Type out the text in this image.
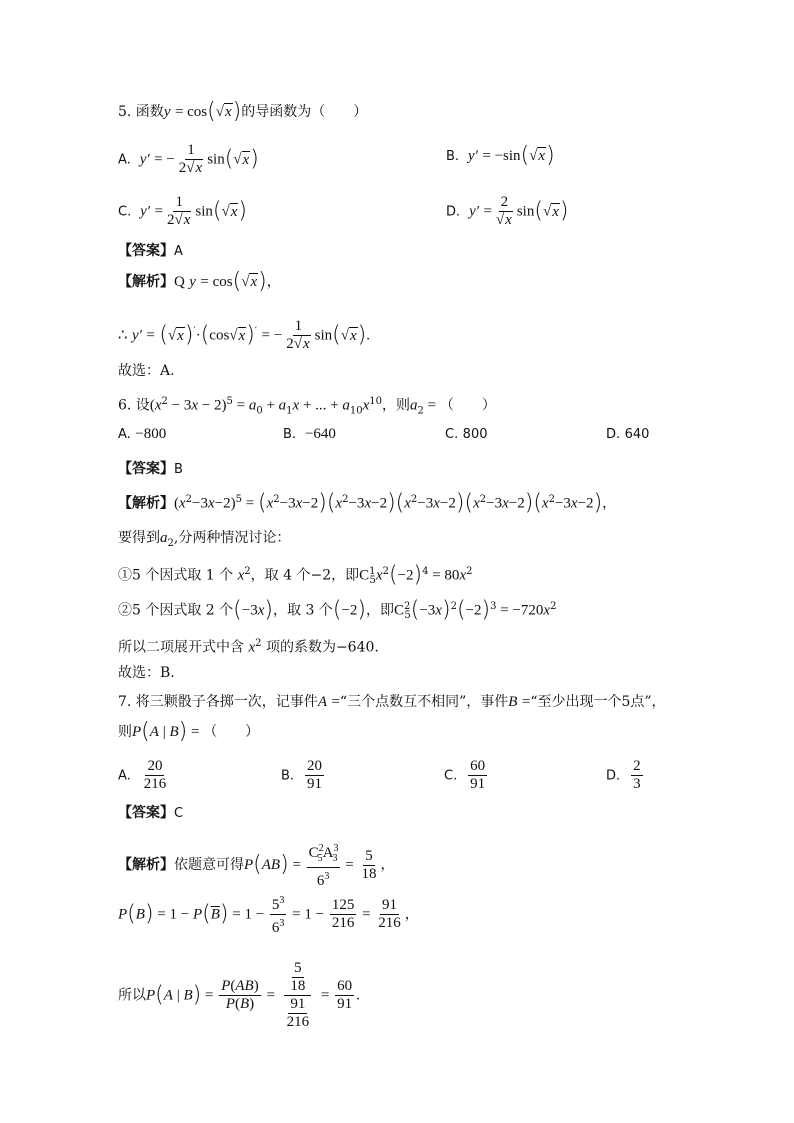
5. 函数y = cos(√x)的导函数为（　　）
A. y′ = − $\frac{1}{2√x} \sin(√x)$	B. y′ = −sin(√x)
C. $y' = \frac{1}{2√x} \sin(√x)$	D. $y' = \frac{2}{√x} \sin(√x)$
【答案】A
【解析】Q y = cos(√x)，
∴ y′ = (√x)′·(cos√x)′ = − $\frac{1}{2√x} \sin(√x)$.
故选：A.
6. 设$(x^2 - 3x - 2)^5 = a_0 + a_1x$ + ... + $a_{10}x^{10}$，则$a_2$ = （　　）
A. −800	B. −640	C. 800	D. 640
【答案】B
【解析】$(x^2-3x-2)^5 = (x^2-3x-2)(x^2-3x-2)(x^2-3x-2)(x^2-3x-2)(x^2-3x-2)$，
要得到$a_2$,分两种情况讨论：
①5 个因式取 1 个 $x^2$，取 4 个−2，即$C^1_5x^2(-2)^4 = 80x^2$
②5 个因式取 2 个(−3x)，取 3 个(−2)，即$C^2_5(-3x)^2(-2)^3 = -720x^2$
所以二项展开式中含 $x^2$ 项的系数为−640.
故选：B.
7. 将三颗骰子各掷一次，记事件A =“三个点数互不相同”，事件B =“至少出现一个5点”，
则P(A | B) = （　　）
A. $\frac{20}{216}$	B. $\frac{20}{91}$	C. $\frac{60}{91}$	D. $\frac{2}{3}$
【答案】C
【解析】依题意可得$P(AB) = \frac{C^2_5A^3_3}{6^3} = \frac{5}{18}$ ，
$P(B) = 1 - P(\overline{B}) = 1 - \frac{5^3}{6^3} = 1 - \frac{125}{216} = \frac{91}{216}$ ，
所以P(A | $B) = \frac{P(AB)}{P(B)} = \frac{\frac{5}{18}}{\frac{91}{216}} = \frac{60}{91}$ .
